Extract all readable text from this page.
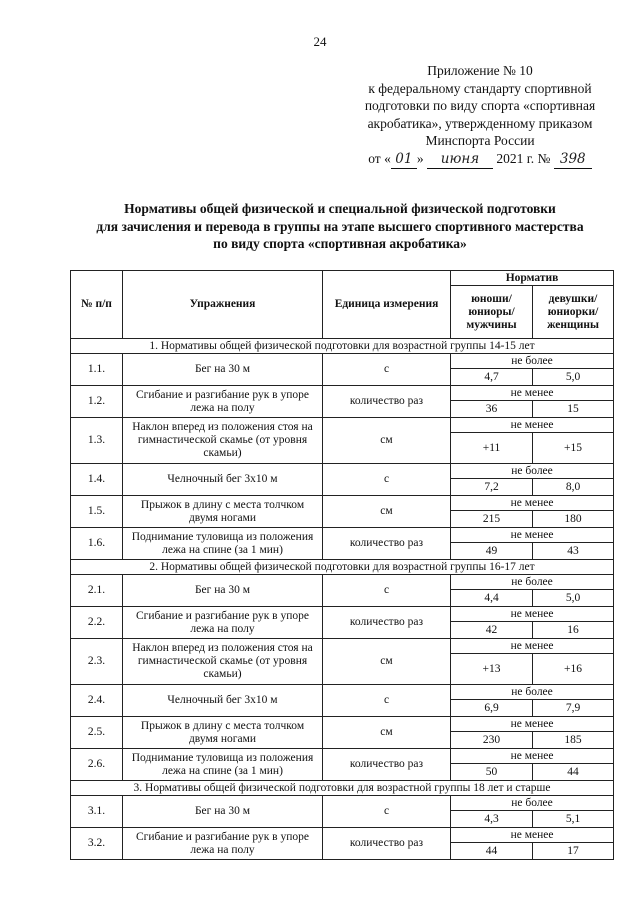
24
Приложение № 10
к федеральному стандарту спортивной
подготовки по виду спорта «спортивная
акробатика», утвержденному приказом
Минспорта России
от « 01 » июня 2021 г. № 398
Нормативы общей физической и специальной физической подготовки
для зачисления и перевода в группы на этапе высшего спортивного мастерства
по виду спорта «спортивная акробатика»
№ п/п	Упражнения	Единица измерения	Норматив	
			юноши/ юниоры/ мужчины	девушки/ юниорки/ женщины
1. Нормативы общей физической подготовки для возрастной группы 14-15 лет				
1.1.	Бег на 30 м	с	не более	
			4,7	5,0
1.2.	Сгибание и разгибание рук в упоре лежа на полу	количество раз	не менее	
			36	15
1.3.	Наклон вперед из положения стоя на гимнастической скамье (от уровня скамьи)	см	не менее	
			+11	+15
1.4.	Челночный бег 3х10 м	с	не более	
			7,2	8,0
1.5.	Прыжок в длину с места толчком двумя ногами	см	не менее	
			215	180
1.6.	Поднимание туловища из положения лежа на спине (за 1 мин)	количество раз	не менее	
			49	43
2. Нормативы общей физической подготовки для возрастной группы 16-17 лет				
2.1.	Бег на 30 м	с	не более	
			4,4	5,0
2.2.	Сгибание и разгибание рук в упоре лежа на полу	количество раз	не менее	
			42	16
2.3.	Наклон вперед из положения стоя на гимнастической скамье (от уровня скамьи)	см	не менее	
			+13	+16
2.4.	Челночный бег 3х10 м	с	не более	
			6,9	7,9
2.5.	Прыжок в длину с места толчком двумя ногами	см	не менее	
			230	185
2.6.	Поднимание туловища из положения лежа на спине (за 1 мин)	количество раз	не менее	
			50	44
3. Нормативы общей физической подготовки для возрастной группы 18 лет и старше				
3.1.	Бег на 30 м	с	не более	
			4,3	5,1
3.2.	Сгибание и разгибание рук в упоре лежа на полу	количество раз	не менее	
			44	17
